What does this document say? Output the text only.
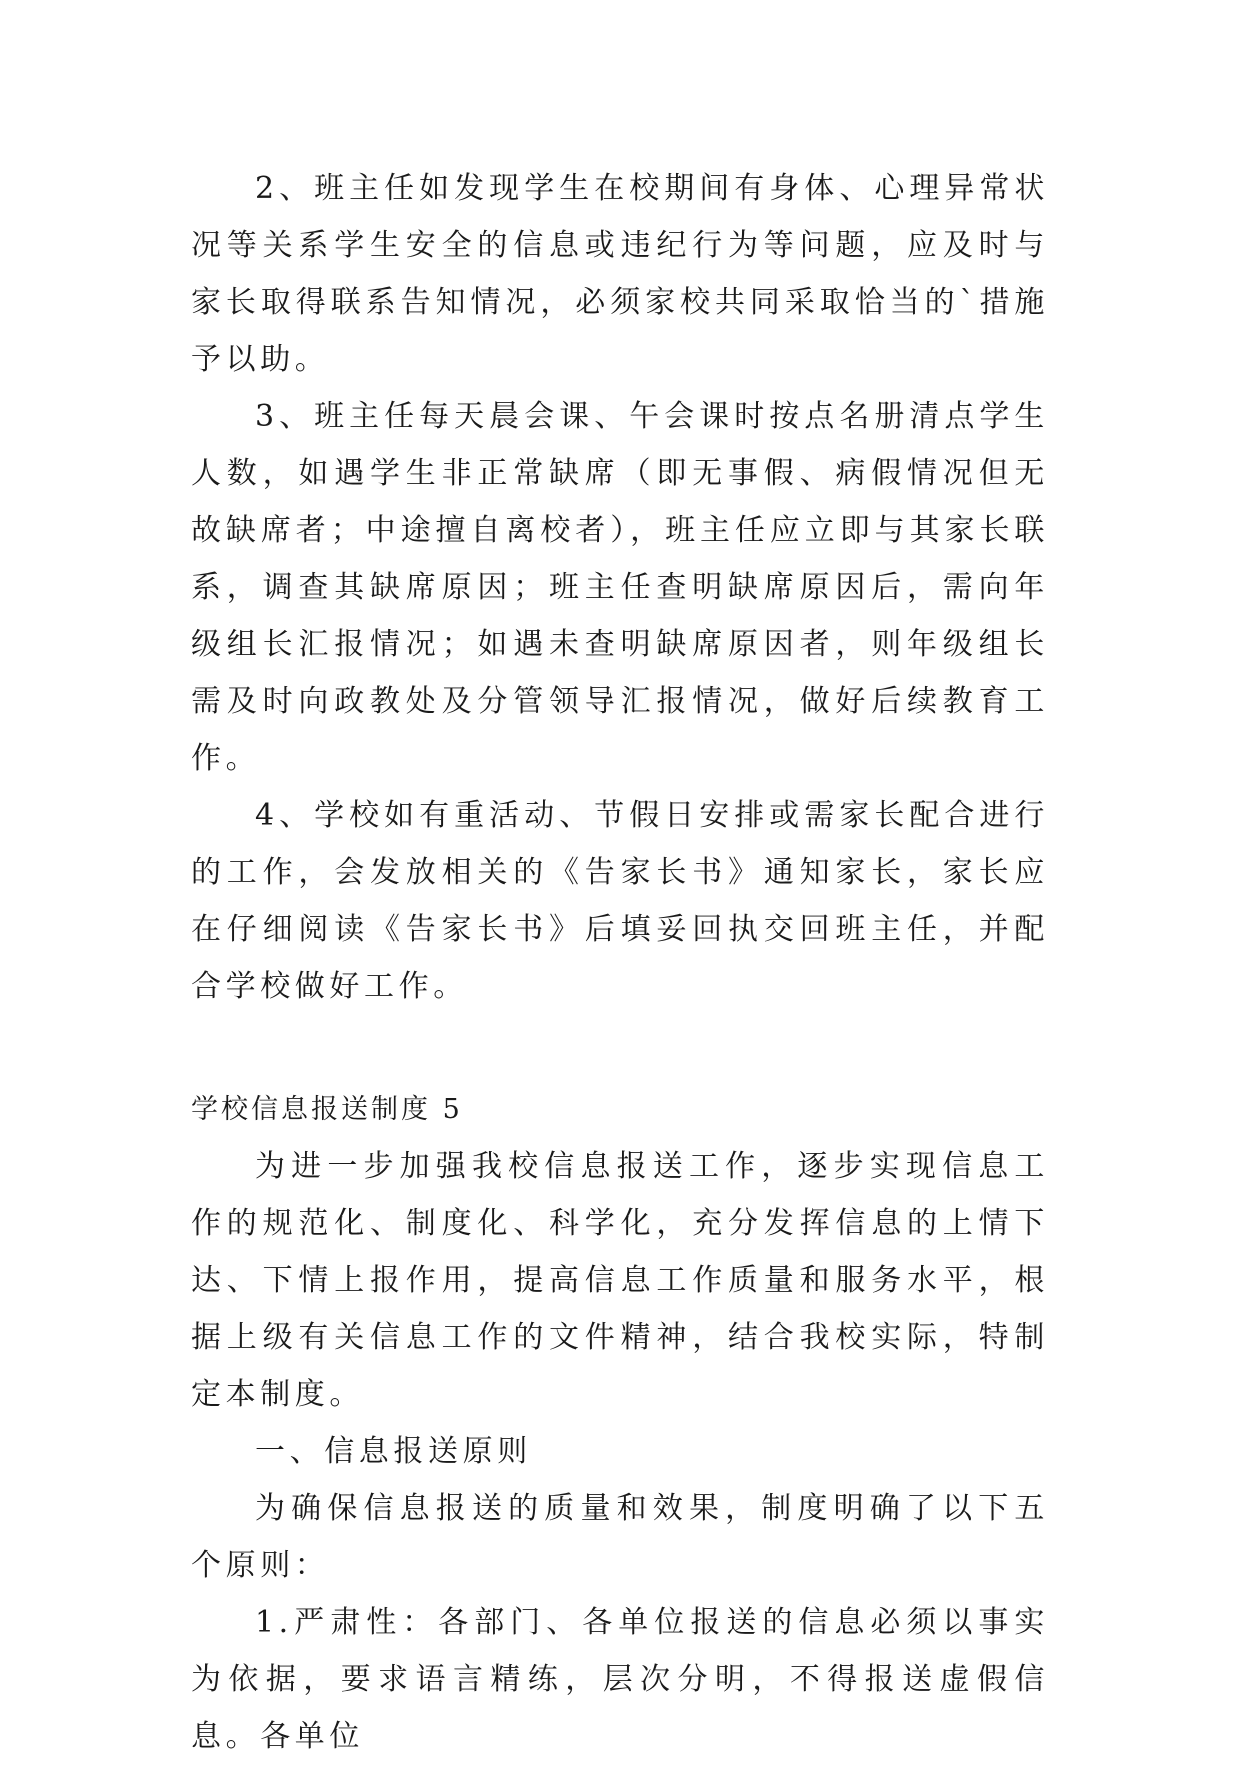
2、班主任如发现学生在校期间有身体、心理异常状况等关系学生安全的信息或违纪行为等问题，应及时与家长取得联系告知情况，必须家校共同采取恰当的`措施予以助。

3、班主任每天晨会课、午会课时按点名册清点学生人数，如遇学生非正常缺席（即无事假、病假情况但无故缺席者；中途擅自离校者），班主任应立即与其家长联系，调查其缺席原因；班主任查明缺席原因后，需向年级组长汇报情况；如遇未查明缺席原因者，则年级组长需及时向政教处及分管领导汇报情况，做好后续教育工作。

4、学校如有重活动、节假日安排或需家长配合进行的工作，会发放相关的《告家长书》通知家长，家长应在仔细阅读《告家长书》后填妥回执交回班主任，并配合学校做好工作。

学校信息报送制度 5

为进一步加强我校信息报送工作，逐步实现信息工作的规范化、制度化、科学化，充分发挥信息的上情下达、下情上报作用，提高信息工作质量和服务水平，根据上级有关信息工作的文件精神，结合我校实际，特制定本制度。

一、信息报送原则

为确保信息报送的质量和效果，制度明确了以下五个原则：

1.严肃性：各部门、各单位报送的信息必须以事实为依据，要求语言精练，层次分明，不得报送虚假信息。各单位
